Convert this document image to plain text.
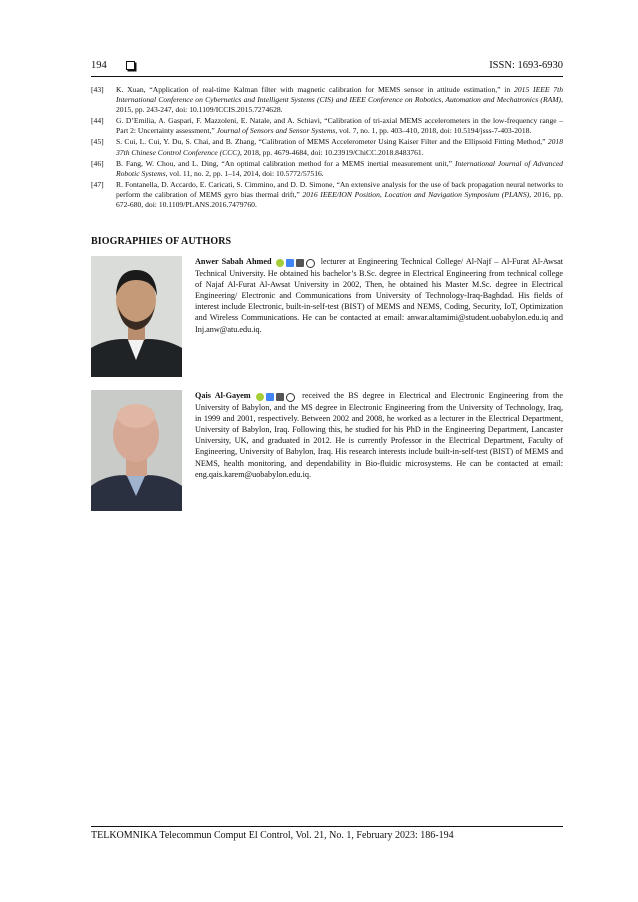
194	ISSN: 1693-6930
[43]	K. Xuan, “Application of real-time Kalman filter with magnetic calibration for MEMS sensor in attitude estimation,” in 2015 IEEE 7th International Conference on Cybernetics and Intelligent Systems (CIS) and IEEE Conference on Robotics, Automation and Mechatronics (RAM), 2015, pp. 243-247, doi: 10.1109/ICCIS.2015.7274628.
[44]	G. D’Emilia, A. Gaspari, F. Mazzoleni, E. Natale, and A. Schiavi, “Calibration of tri-axial MEMS accelerometers in the low-frequency range – Part 2: Uncertainty assessment,” Journal of Sensors and Sensor Systems, vol. 7, no. 1, pp. 403–410, 2018, doi: 10.5194/jsss-7-403-2018.
[45]	S. Cui, L. Cui, Y. Du, S. Chai, and B. Zhang, “Calibration of MEMS Accelerometer Using Kaiser Filter and the Ellipsoid Fitting Method,” 2018 37th Chinese Control Conference (CCC), 2018, pp. 4679-4684, doi: 10.23919/ChiCC.2018.8483761.
[46]	B. Fang, W. Chou, and L. Ding, “An optimal calibration method for a MEMS inertial measurement unit,” International Journal of Advanced Robotic Systems, vol. 11, no. 2, pp. 1–14, 2014, doi: 10.5772/57516.
[47]	R. Fontanella, D. Accardo, E. Caricati, S. Cimmino, and D. D. Simone, “An extensive analysis for the use of back propagation neural networks to perform the calibration of MEMS gyro bias thermal drift,” 2016 IEEE/ION Position, Location and Navigation Symposium (PLANS), 2016, pp. 672-680, doi: 10.1109/PLANS.2016.7479760.
BIOGRAPHIES OF AUTHORS
Anwer Sabah Ahmed	lecturer at Engineering Technical College/ Al-Najf – Al-Furat Al-Awsat Technical University. He obtained his bachelor’s B.Sc. degree in Electrical Engineering from technical college of Najaf Al-Furat Al-Awsat University in 2002, Then, he obtained his Master M.Sc. degree in Electrical Engineering/ Electronic and Communications from University of Technology-Iraq-Baghdad. His fields of interest include Electronic, built-in-self-test (BIST) of MEMS and NEMS, Coding, Security, IoT, Optimization and Wireless Communications. He can be contacted at email: anwar.altamimi@student.uobabylon.edu.iq and Inj.anw@atu.edu.iq.
Qais Al-Gayem	received the BS degree in Electrical and Electronic Engineering from the University of Babylon, and the MS degree in Electronic Engineering from the University of Technology, Iraq, in 1999 and 2001, respectively. Between 2002 and 2008, he worked as a lecturer in the Electrical Department, University of Babylon, Iraq. Following this, he studied for his PhD in the Engineering Department, Lancaster University, UK, and graduated in 2012. He is currently Professor in the Electrical Department, Faculty of Engineering, University of Babylon, Iraq. His research interests include built-in-self-test (BIST) of MEMS and NEMS, health monitoring, and dependability in Bio-fluidic microsystems. He can be contacted at email: eng.qais.karem@uobabylon.edu.iq.
TELKOMNIKA Telecommun Comput El Control, Vol. 21, No. 1, February 2023: 186-194
